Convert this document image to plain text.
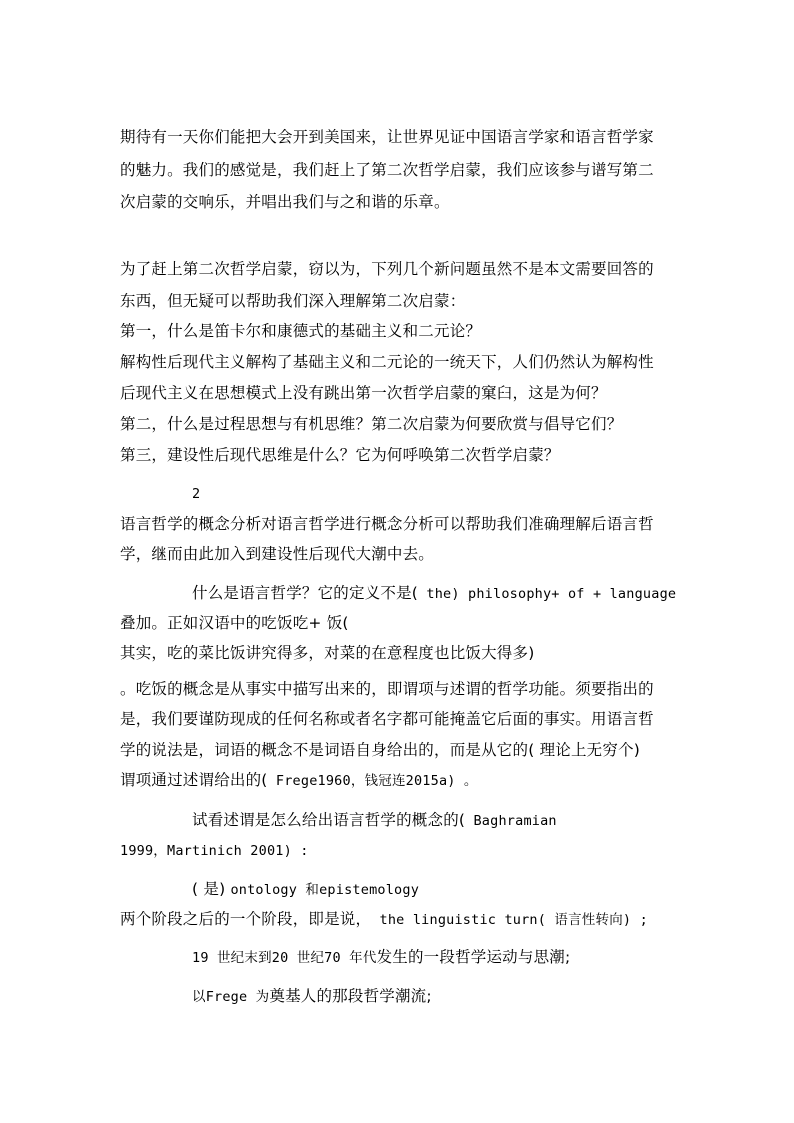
期待有一天你们能把大会开到美国来，让世界见证中国语言学家和语言哲学家
的魅力。我们的感觉是，我们赶上了第二次哲学启蒙，我们应该参与谱写第二
次启蒙的交响乐，并唱出我们与之和谐的乐章。
为了赶上第二次哲学启蒙，窃以为，下列几个新问题虽然不是本文需要回答的
东西，但无疑可以帮助我们深入理解第二次启蒙：
第一，什么是笛卡尔和康德式的基础主义和二元论？
解构性后现代主义解构了基础主义和二元论的一统天下，人们仍然认为解构性
后现代主义在思想模式上没有跳出第一次哲学启蒙的窠臼，这是为何？
第二，什么是过程思想与有机思维？第二次启蒙为何要欣赏与倡导它们？
第三，建设性后现代思维是什么？它为何呼唤第二次哲学启蒙？
2
语言哲学的概念分析对语言哲学进行概念分析可以帮助我们准确理解后语言哲
学，继而由此加入到建设性后现代大潮中去。
什么是语言哲学？它的定义不是( the) philosophy+ of + language
叠加。正如汉语中的吃饭吃+ 饭(
其实，吃的菜比饭讲究得多，对菜的在意程度也比饭大得多)
。吃饭的概念是从事实中描写出来的，即谓项与述谓的哲学功能。须要指出的
是，我们要谨防现成的任何名称或者名字都可能掩盖它后面的事实。用语言哲
学的说法是，词语的概念不是词语自身给出的，而是从它的( 理论上无穷个)
谓项通过述谓给出的( Frege1960，钱冠连2015a) 。
试看述谓是怎么给出语言哲学的概念的( Baghramian
1999，Martinich 2001) :
( 是) ontology 和epistemology
两个阶段之后的一个阶段，即是说， the linguistic turn( 语言性转向) ;
19 世纪末到20 世纪70 年代发生的一段哲学运动与思潮;
以Frege 为奠基人的那段哲学潮流;
